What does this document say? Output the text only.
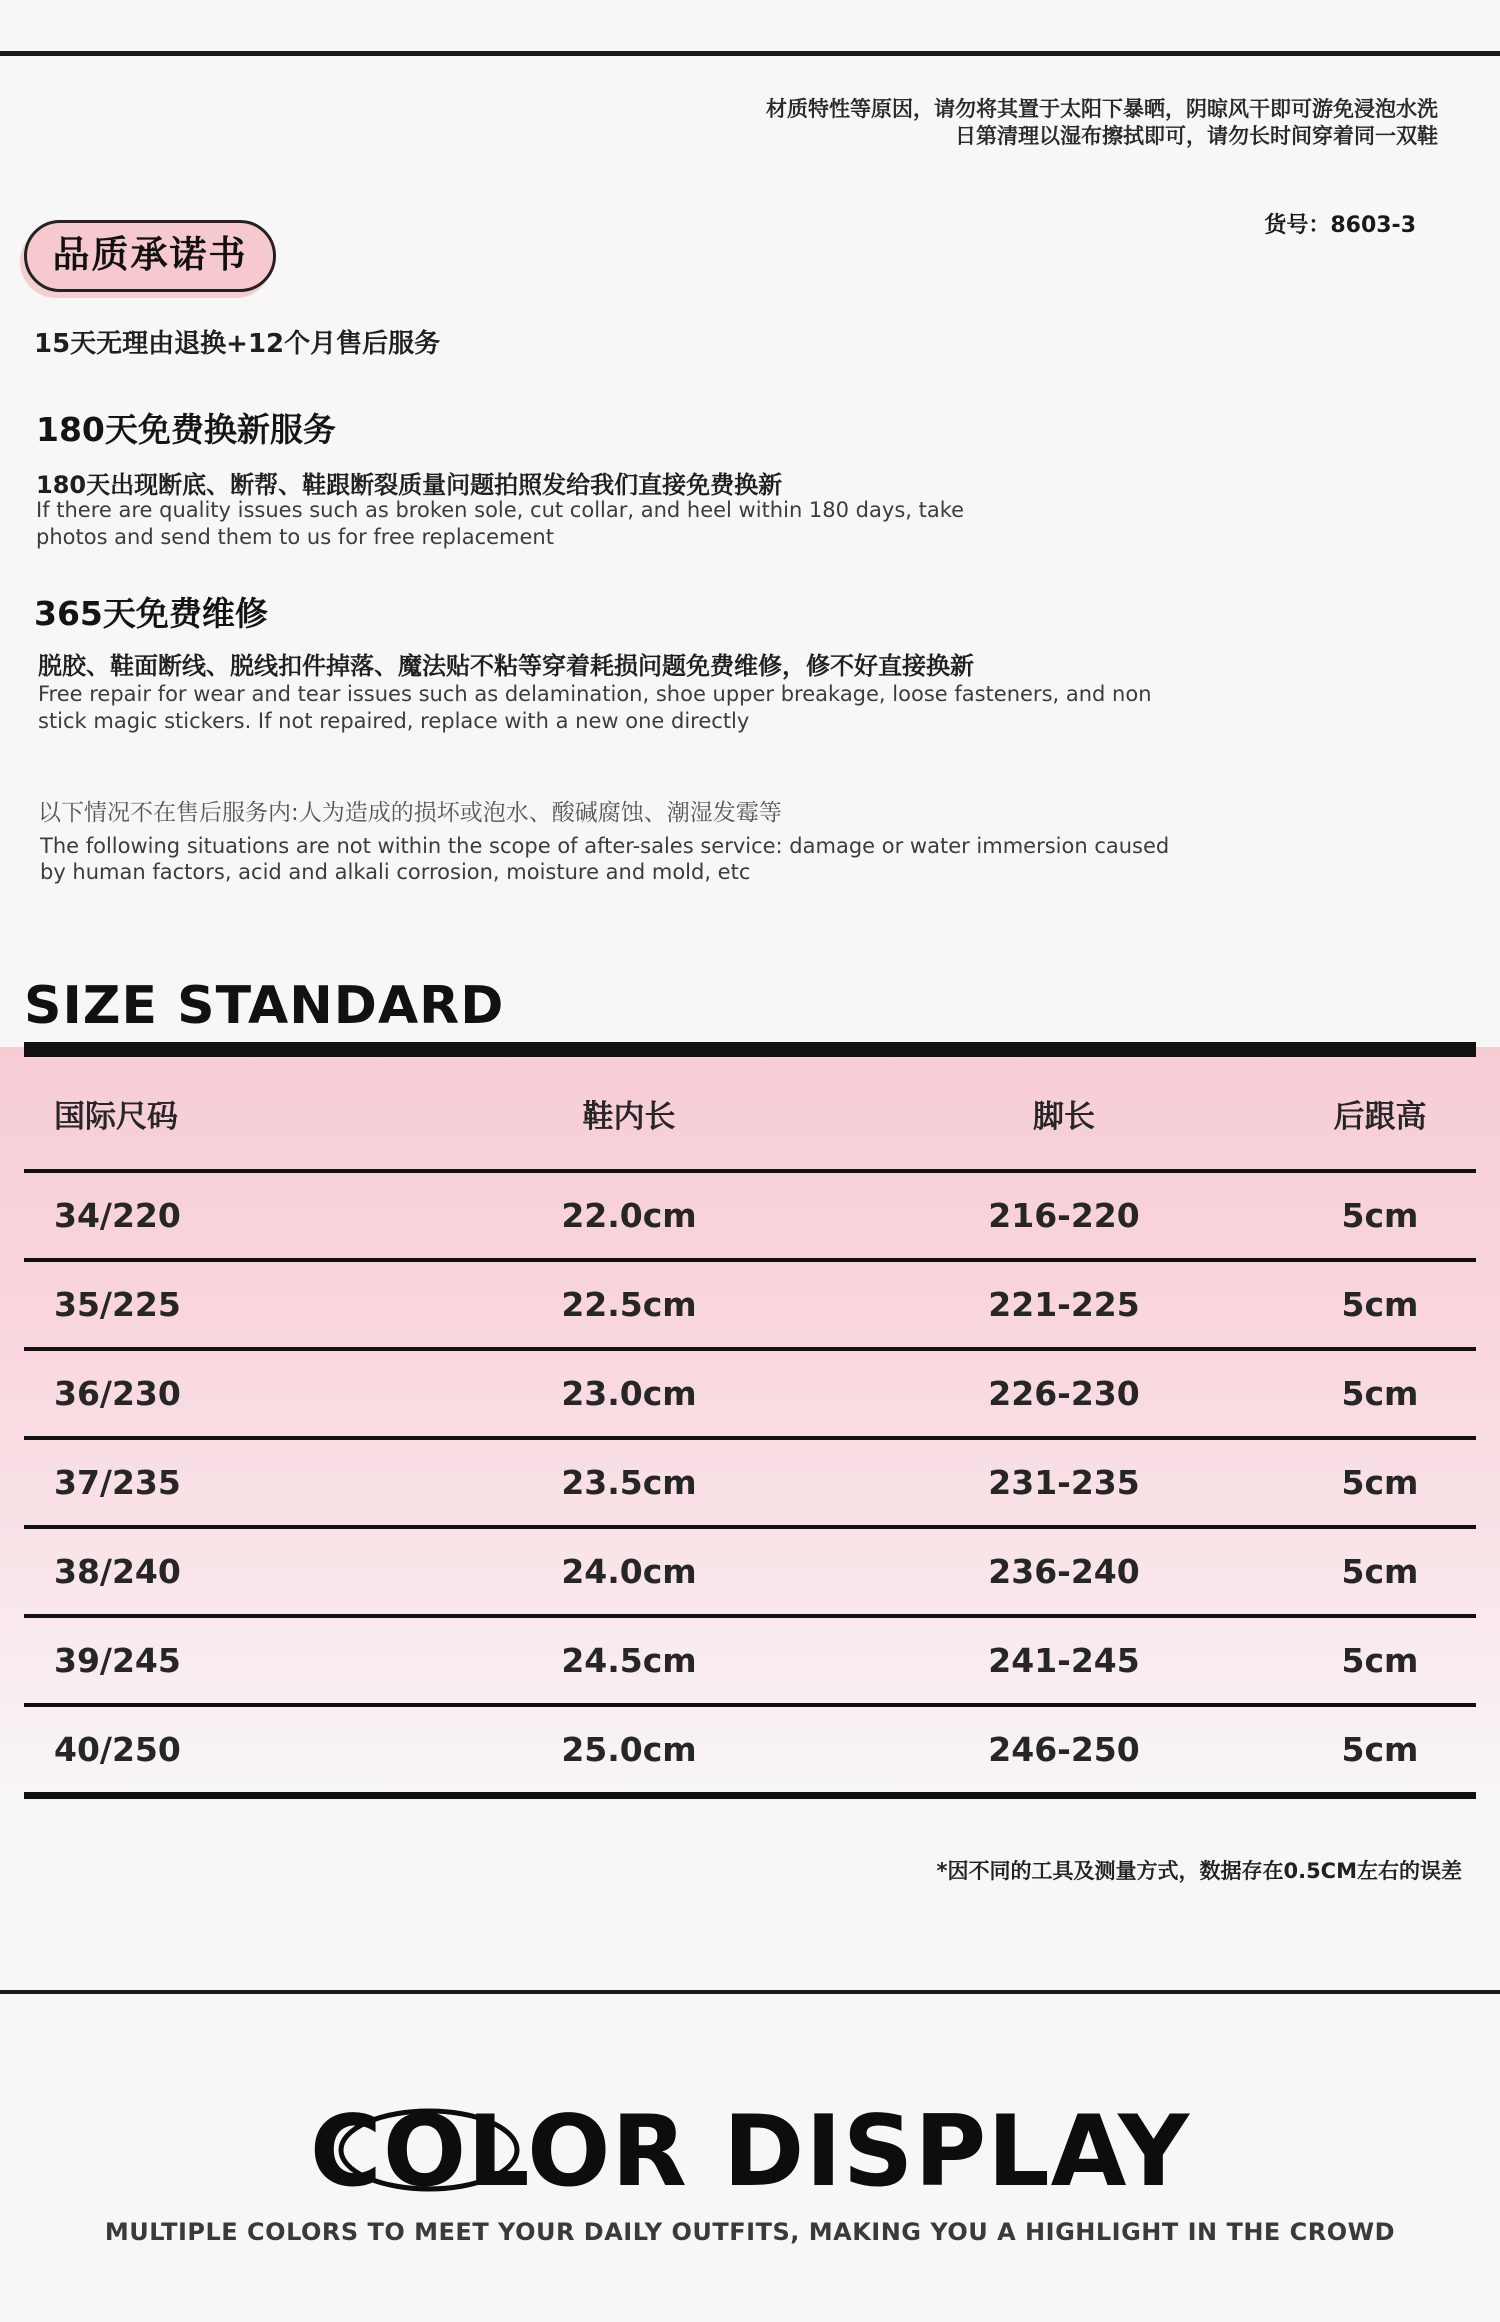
材质特性等原因，请勿将其置于太阳下暴晒，阴晾风干即可游免浸泡水洗
日第清理以湿布擦拭即可，请勿长时间穿着同一双鞋
货号：8603-3
品质承诺书
15天无理由退换+12个月售后服务
180天免费换新服务
180天出现断底、断帮、鞋跟断裂质量问题拍照发给我们直接免费换新
If there are quality issues such as broken sole, cut collar, and heel within 180 days, take photos and send them to us for free replacement
365天免费维修
脱胶、鞋面断线、脱线扣件掉落、魔法贴不粘等穿着耗损问题免费维修，修不好直接换新
Free repair for wear and tear issues such as delamination, shoe upper breakage, loose fasteners, and non stick magic stickers. If not repaired, replace with a new one directly
以下情况不在售后服务内:人为造成的损坏或泡水、酸碱腐蚀、潮湿发霉等
The following situations are not within the scope of after-sales service: damage or water immersion caused by human factors, acid and alkali corrosion, moisture and mold, etc
SIZE STANDARD
国际尺码	鞋内长	脚长	后跟高
34/220	22.0cm	216-220	5cm
35/225	22.5cm	221-225	5cm
36/230	23.0cm	226-230	5cm
37/235	23.5cm	231-235	5cm
38/240	24.0cm	236-240	5cm
39/245	24.5cm	241-245	5cm
40/250	25.0cm	246-250	5cm
*因不同的工具及测量方式，数据存在0.5CM左右的误差
COLOR DISPLAY
MULTIPLE COLORS TO MEET YOUR DAILY OUTFITS, MAKING YOU A HIGHLIGHT IN THE CROWD
